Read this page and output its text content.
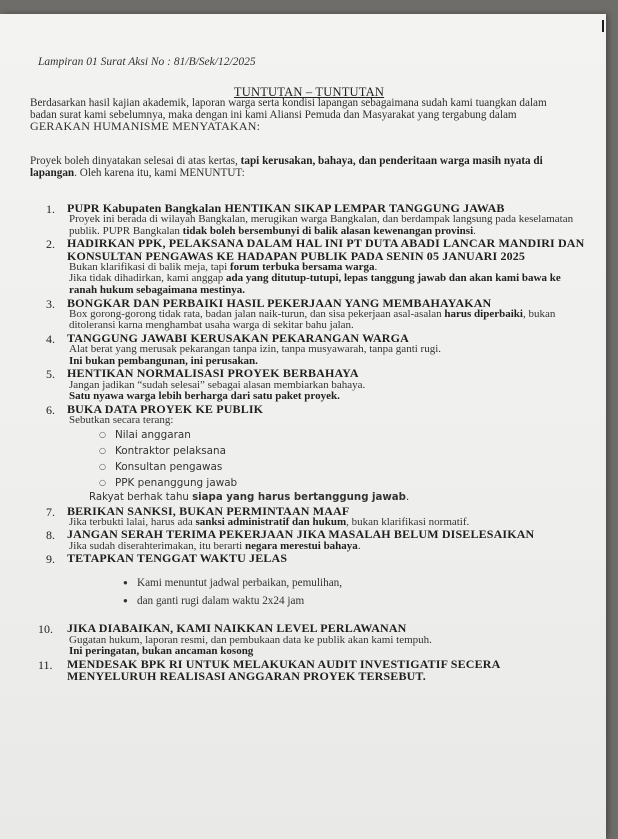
Lampiran 01 Surat Aksi No : 81/B/Sek/12/2025
TUNTUTAN – TUNTUTAN
Berdasarkan hasil kajian akademik, laporan warga serta kondisi lapangan sebagaimana sudah kami tuangkan dalam badan surat kami sebelumnya, maka dengan ini kami Aliansi Pemuda dan Masyarakat yang tergabung dalam GERAKAN HUMANISME MENYATAKAN:
Proyek boleh dinyatakan selesai di atas kertas, tapi kerusakan, bahaya, dan penderitaan warga masih nyata di lapangan. Oleh karena itu, kami MENUNTUT:
1. PUPR Kabupaten Bangkalan HENTIKAN SIKAP LEMPAR TANGGUNG JAWAB
Proyek ini berada di wilayah Bangkalan, merugikan warga Bangkalan, dan berdampak langsung pada keselamatan publik. PUPR Bangkalan tidak boleh bersembunyi di balik alasan kewenangan provinsi.
2. HADIRKAN PPK, PELAKSANA DALAM HAL INI PT DUTA ABADI LANCAR MANDIRI DAN KONSULTAN PENGAWAS KE HADAPAN PUBLIK PADA SENIN 05 JANUARI 2025
Bukan klarifikasi di balik meja, tapi forum terbuka bersama warga.
Jika tidak dihadirkan, kami anggap ada yang ditutup-tutupi, lepas tanggung jawab dan akan kami bawa ke ranah hukum sebagaimana mestinya.
3. BONGKAR DAN PERBAIKI HASIL PEKERJAAN YANG MEMBAHAYAKAN
Box gorong-gorong tidak rata, badan jalan naik-turun, dan sisa pekerjaan asal-asalan harus diperbaiki, bukan ditoleransi karna menghambat usaha warga di sekitar bahu jalan.
4. TANGGUNG JAWABI KERUSAKAN PEKARANGAN WARGA
Alat berat yang merusak pekarangan tanpa izin, tanpa musyawarah, tanpa ganti rugi.
Ini bukan pembangunan, ini perusakan.
5. HENTIKAN NORMALISASI PROYEK BERBAHAYA
Jangan jadikan “sudah selesai” sebagai alasan membiarkan bahaya.
Satu nyawa warga lebih berharga dari satu paket proyek.
6. BUKA DATA PROYEK KE PUBLIK
Sebutkan secara terang:
○ Nilai anggaran
○ Kontraktor pelaksana
○ Konsultan pengawas
○ PPK penanggung jawab
Rakyat berhak tahu siapa yang harus bertanggung jawab.
7. BERIKAN SANKSI, BUKAN PERMINTAAN MAAF
Jika terbukti lalai, harus ada sanksi administratif dan hukum, bukan klarifikasi normatif.
8. JANGAN SERAH TERIMA PEKERJAAN JIKA MASALAH BELUM DISELESAIKAN
Jika sudah diserahterimakan, itu berarti negara merestui bahaya.
9. TETAPKAN TENGGAT WAKTU JELAS
● Kami menuntut jadwal perbaikan, pemulihan,
● dan ganti rugi dalam waktu 2x24 jam
10. JIKA DIABAIKAN, KAMI NAIKKAN LEVEL PERLAWANAN
Gugatan hukum, laporan resmi, dan pembukaan data ke publik akan kami tempuh.
Ini peringatan, bukan ancaman kosong
11. MENDESAK BPK RI UNTUK MELAKUKAN AUDIT INVESTIGATIF SECERA MENYELURUH REALISASI ANGGARAN PROYEK TERSEBUT.
